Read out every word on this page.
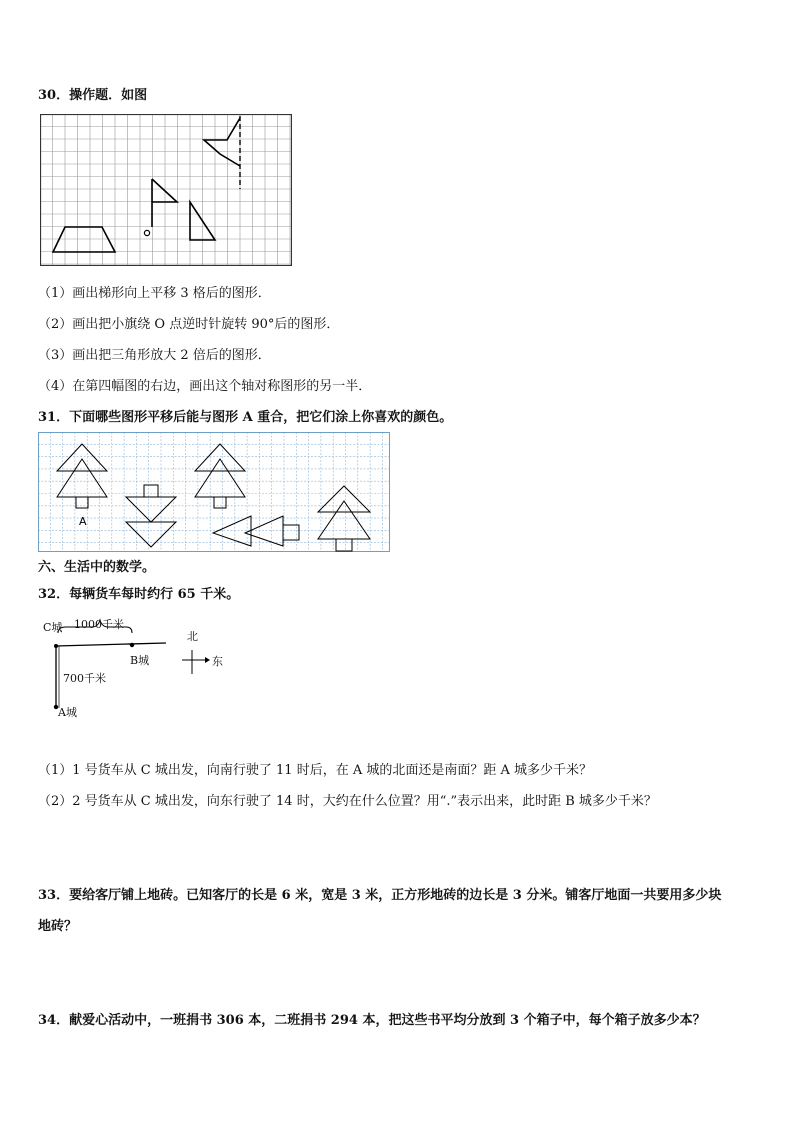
30．操作题．如图
（1）画出梯形向上平移 3 格后的图形．
（2）画出把小旗绕 O 点逆时针旋转 90°后的图形．
（3）画出把三角形放大 2 倍后的图形．
（4）在第四幅图的右边，画出这个轴对称图形的另一半．
31．下面哪些图形平移后能与图形 A 重合，把它们涂上你喜欢的颜色。
A
六、生活中的数学。
32．每辆货车每时约行 65 千米。
C城 1000千米
B城
700千米
A城
北
东
（1）1 号货车从 C 城出发，向南行驶了 11 时后，在 A 城的北面还是南面？距 A 城多少千米？
（2）2 号货车从 C 城出发，向东行驶了 14 时，大约在什么位置？用“.”表示出来，此时距 B 城多少千米？
33．要给客厅铺上地砖。已知客厅的长是 6 米，宽是 3 米，正方形地砖的边长是 3 分米。铺客厅地面一共要用多少块
地砖？
34．献爱心活动中，一班捐书 306 本，二班捐书 294 本，把这些书平均分放到 3 个箱子中，每个箱子放多少本？
